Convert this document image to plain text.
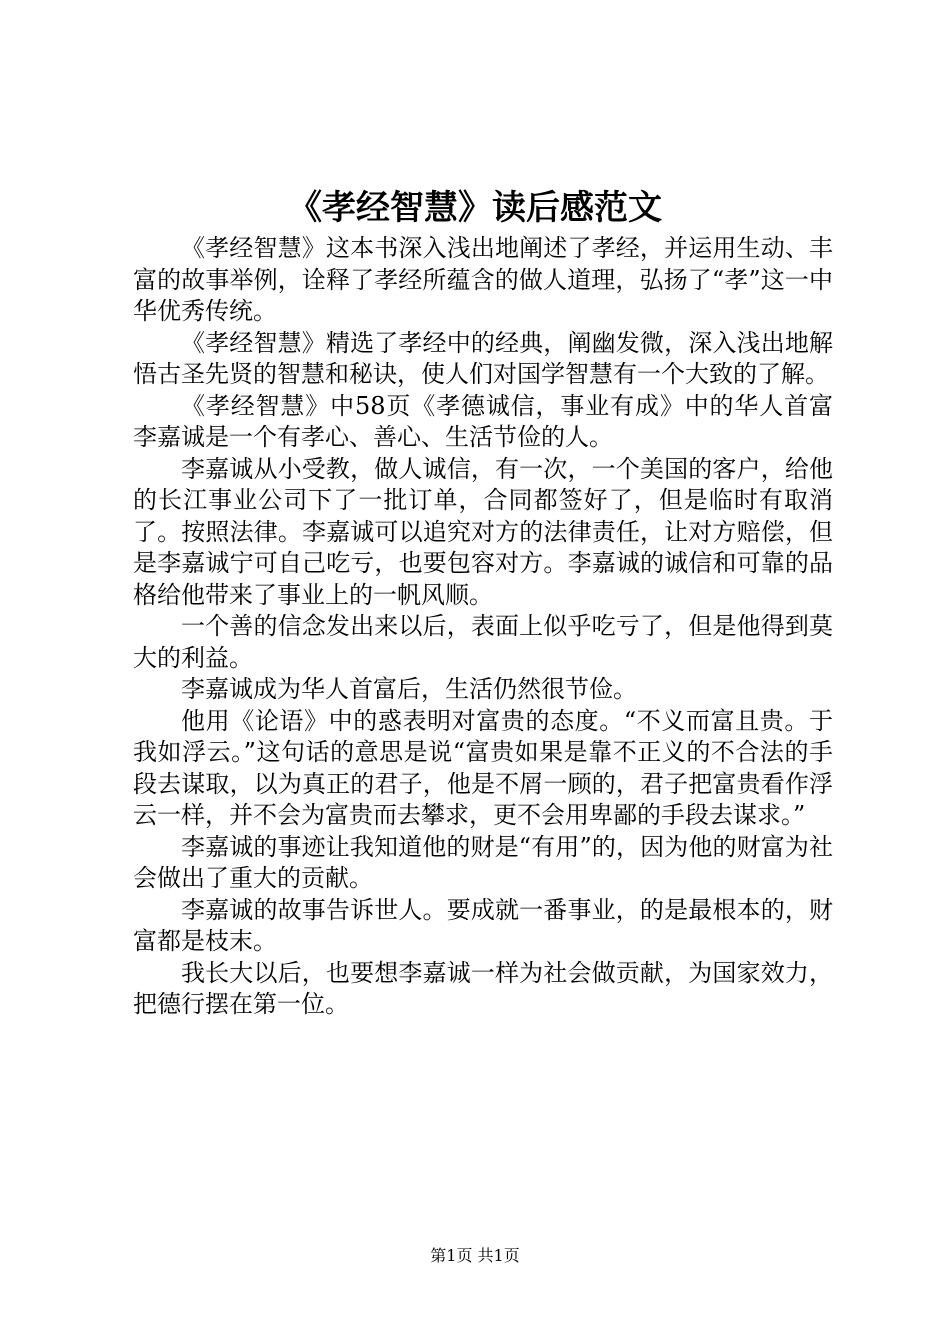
《孝经智慧》读后感范文

《孝经智慧》这本书深入浅出地阐述了孝经，并运用生动、丰富的故事举例，诠释了孝经所蕴含的做人道理，弘扬了“孝”这一中华优秀传统。

《孝经智慧》精选了孝经中的经典，阐幽发微，深入浅出地解悟古圣先贤的智慧和秘诀，使人们对国学智慧有一个大致的了解。

《孝经智慧》中58页《孝德诚信，事业有成》中的华人首富李嘉诚是一个有孝心、善心、生活节俭的人。

李嘉诚从小受教，做人诚信，有一次，一个美国的客户，给他的长江事业公司下了一批订单，合同都签好了，但是临时有取消了。按照法律。李嘉诚可以追究对方的法律责任，让对方赔偿，但是李嘉诚宁可自己吃亏，也要包容对方。李嘉诚的诚信和可靠的品格给他带来了事业上的一帆风顺。

一个善的信念发出来以后，表面上似乎吃亏了，但是他得到莫大的利益。

李嘉诚成为华人首富后，生活仍然很节俭。

他用《论语》中的惑表明对富贵的态度。“不义而富且贵。于我如浮云。”这句话的意思是说“富贵如果是靠不正义的不合法的手段去谋取，以为真正的君子，他是不屑一顾的，君子把富贵看作浮云一样，并不会为富贵而去攀求，更不会用卑鄙的手段去谋求。”

李嘉诚的事迹让我知道他的财是“有用”的，因为他的财富为社会做出了重大的贡献。

李嘉诚的故事告诉世人。要成就一番事业，的是最根本的，财富都是枝末。

我长大以后，也要想李嘉诚一样为社会做贡献，为国家效力，把德行摆在第一位。

第1页 共1页
